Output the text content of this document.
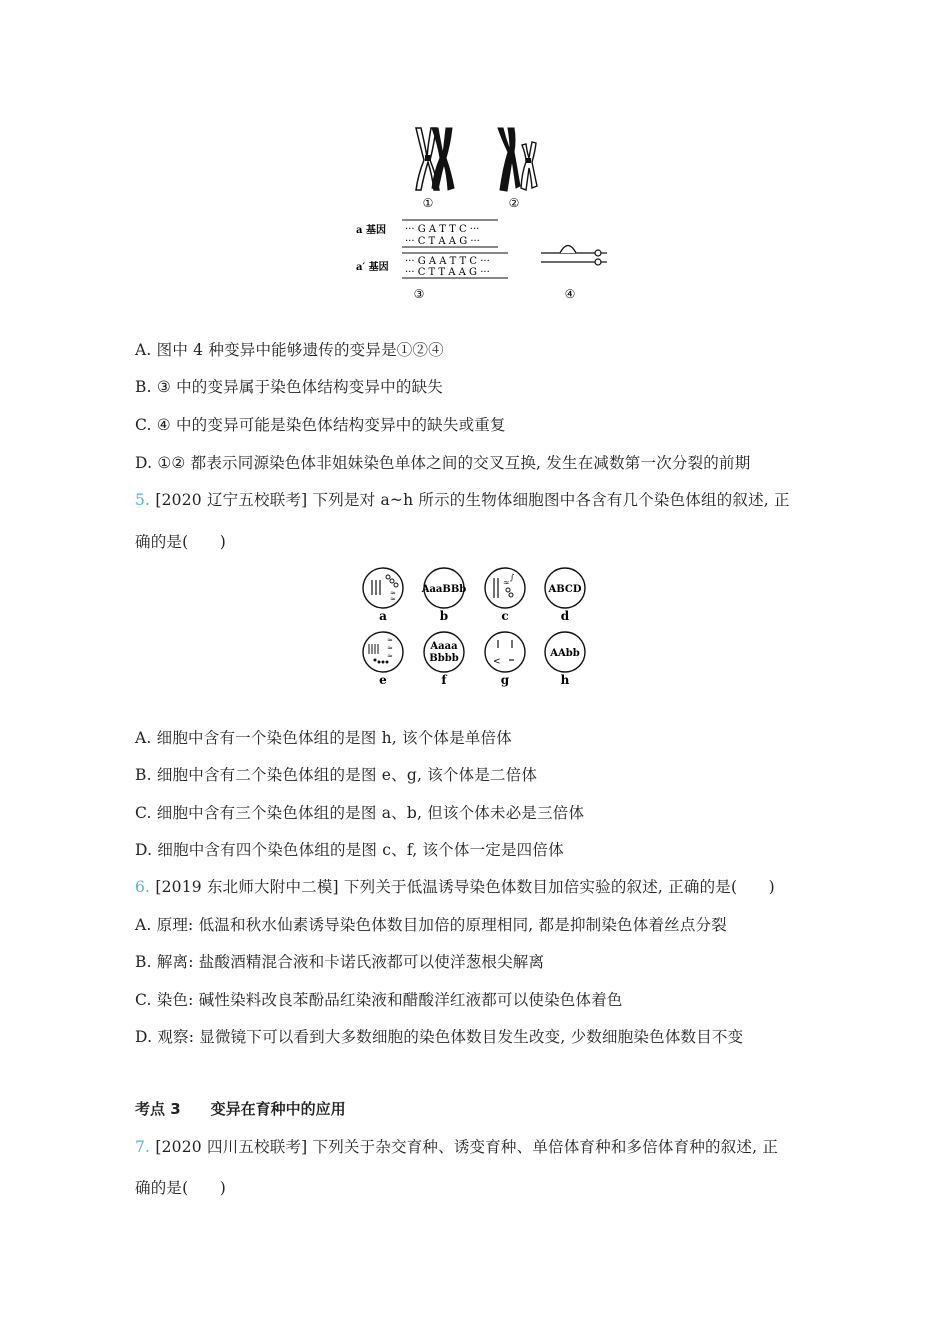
①	②
a 基因 ··· G A T T C ···
··· C T A A G ···
a′ 基因
··· G A A T T C ···
··· C T T A A G ···
③	④
A. 图中 4 种变异中能够遗传的变异是①②④
B. ③ 中的变异属于染色体结构变异中的缺失
C. ④ 中的变异可能是染色体结构变异中的缺失或重复
D. ①② 都表示同源染色体非姐妹染色单体之间的交叉互换, 发生在减数第一次分裂的前期
5. [2020 辽宁五校联考] 下列是对 a~h 所示的生物体细胞图中各含有几个染色体组的叙述, 正
确的是(　　)
≈
≈
a
AaaBBb
b
≈
∫
c
ABCD
d
≈
≈
≈
e
Aaaa
Bbbb
f
<
g
AAbb
h
A. 细胞中含有一个染色体组的是图 h, 该个体是单倍体
B. 细胞中含有二个染色体组的是图 e、g, 该个体是二倍体
C. 细胞中含有三个染色体组的是图 a、b, 但该个体未必是三倍体
D. 细胞中含有四个染色体组的是图 c、f, 该个体一定是四倍体
6. [2019 东北师大附中二模] 下列关于低温诱导染色体数目加倍实验的叙述, 正确的是(　　)
A. 原理: 低温和秋水仙素诱导染色体数目加倍的原理相同, 都是抑制染色体着丝点分裂
B. 解离: 盐酸酒精混合液和卡诺氏液都可以使洋葱根尖解离
C. 染色: 碱性染料改良苯酚品红染液和醋酸洋红液都可以使染色体着色
D. 观察: 显微镜下可以看到大多数细胞的染色体数目发生改变, 少数细胞染色体数目不变
考点 3 变异在育种中的应用
7. [2020 四川五校联考] 下列关于杂交育种、诱变育种、单倍体育种和多倍体育种的叙述, 正
确的是(　　)
